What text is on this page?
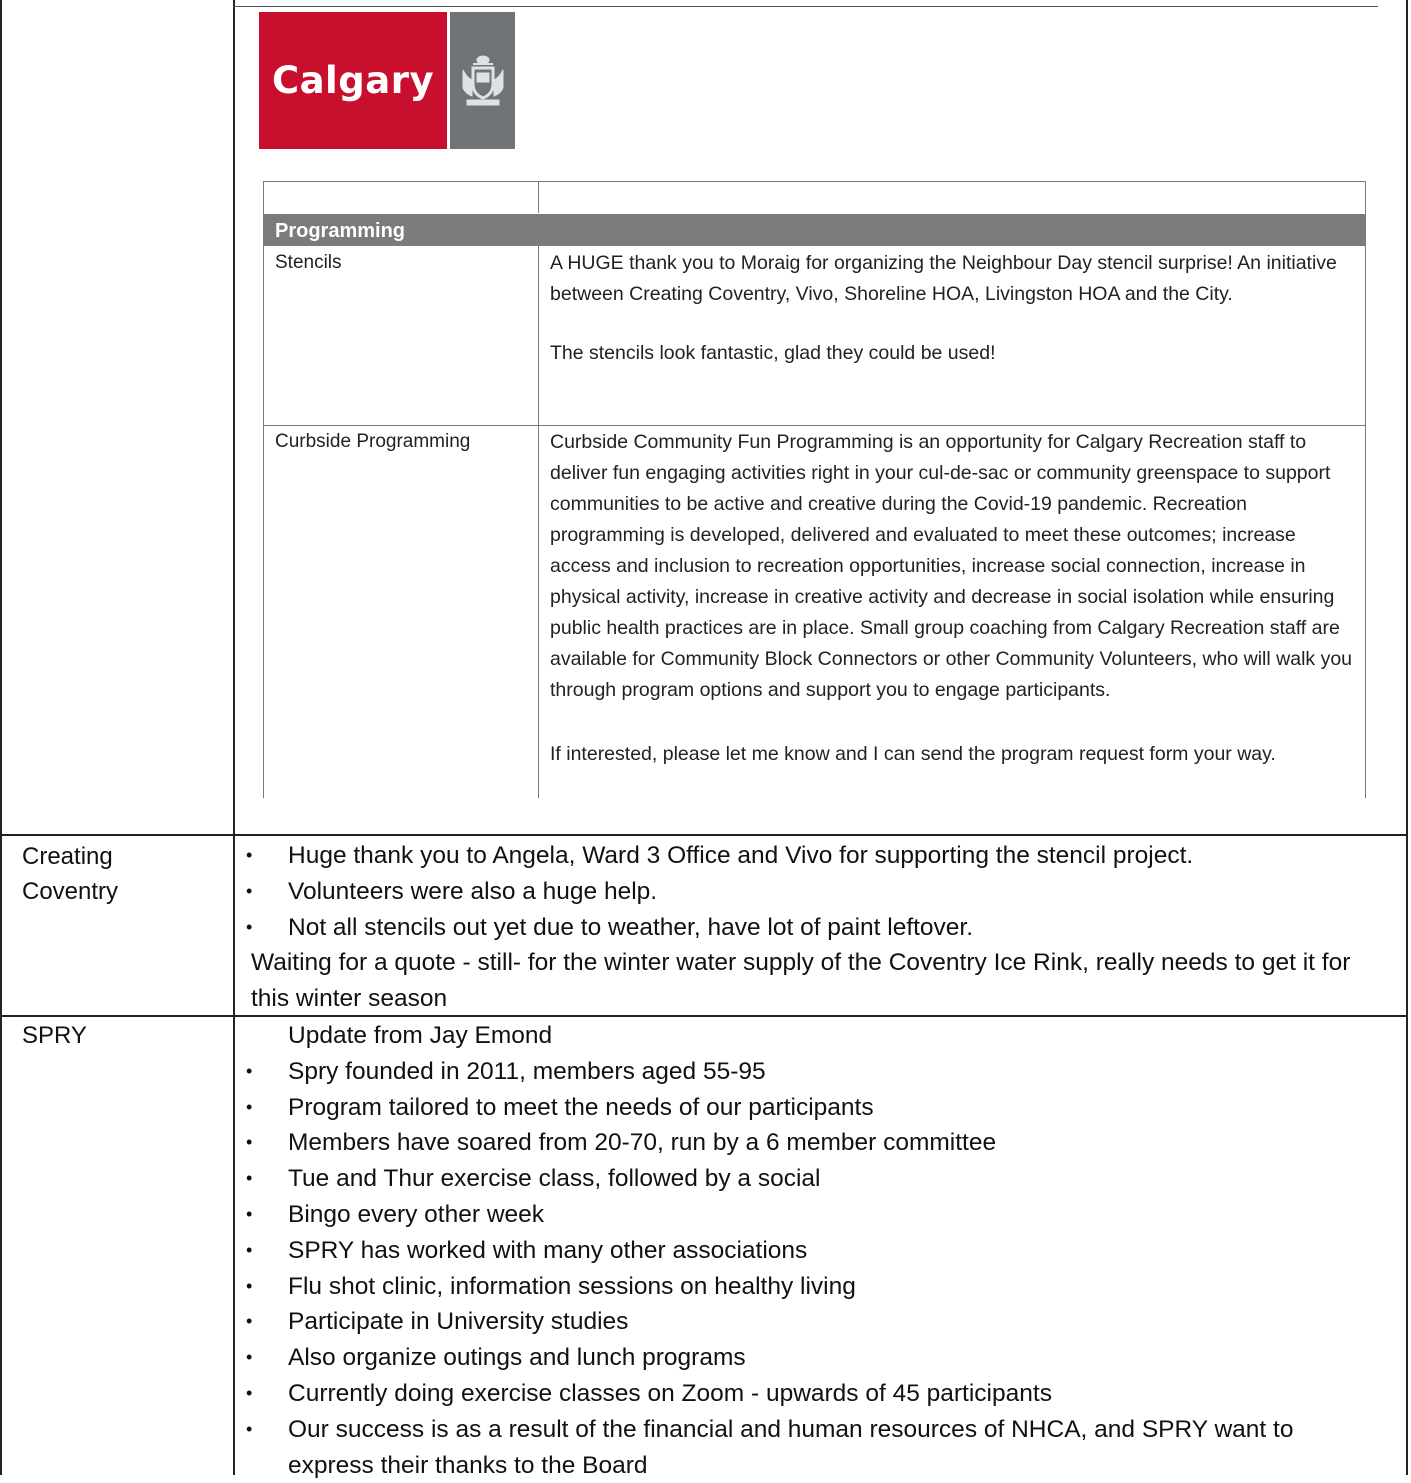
Calgary
Programming
Stencils	A HUGE thank you to Moraig for organizing the Neighbour Day stencil surprise! An initiative between Creating Coventry, Vivo, Shoreline HOA, Livingston HOA and the City.

The stencils look fantastic, glad they could be used!

Curbside Programming	Curbside Community Fun Programming is an opportunity for Calgary Recreation staff to deliver fun engaging activities right in your cul-de-sac or community greenspace to support communities to be active and creative during the Covid-19 pandemic. Recreation programming is developed, delivered and evaluated to meet these outcomes; increase access and inclusion to recreation opportunities, increase social connection, increase in physical activity, increase in creative activity and decrease in social isolation while ensuring public health practices are in place. Small group coaching from Calgary Recreation staff are available for Community Block Connectors or other Community Volunteers, who will walk you through program options and support you to engage participants.

If interested, please let me know and I can send the program request form your way.

Creating Coventry
• Huge thank you to Angela, Ward 3 Office and Vivo for supporting the stencil project.
• Volunteers were also a huge help.
• Not all stencils out yet due to weather, have lot of paint leftover.
Waiting for a quote - still- for the winter water supply of the Coventry Ice Rink, really needs to get it for this winter season
SPRY	Update from Jay Emond
• Spry founded in 2011, members aged 55-95
• Program tailored to meet the needs of our participants
• Members have soared from 20-70, run by a 6 member committee
• Tue and Thur exercise class, followed by a social
• Bingo every other week
• SPRY has worked with many other associations
• Flu shot clinic, information sessions on healthy living
• Participate in University studies
• Also organize outings and lunch programs
• Currently doing exercise classes on Zoom - upwards of 45 participants
• Our success is as a result of the financial and human resources of NHCA, and SPRY want to express their thanks to the Board
